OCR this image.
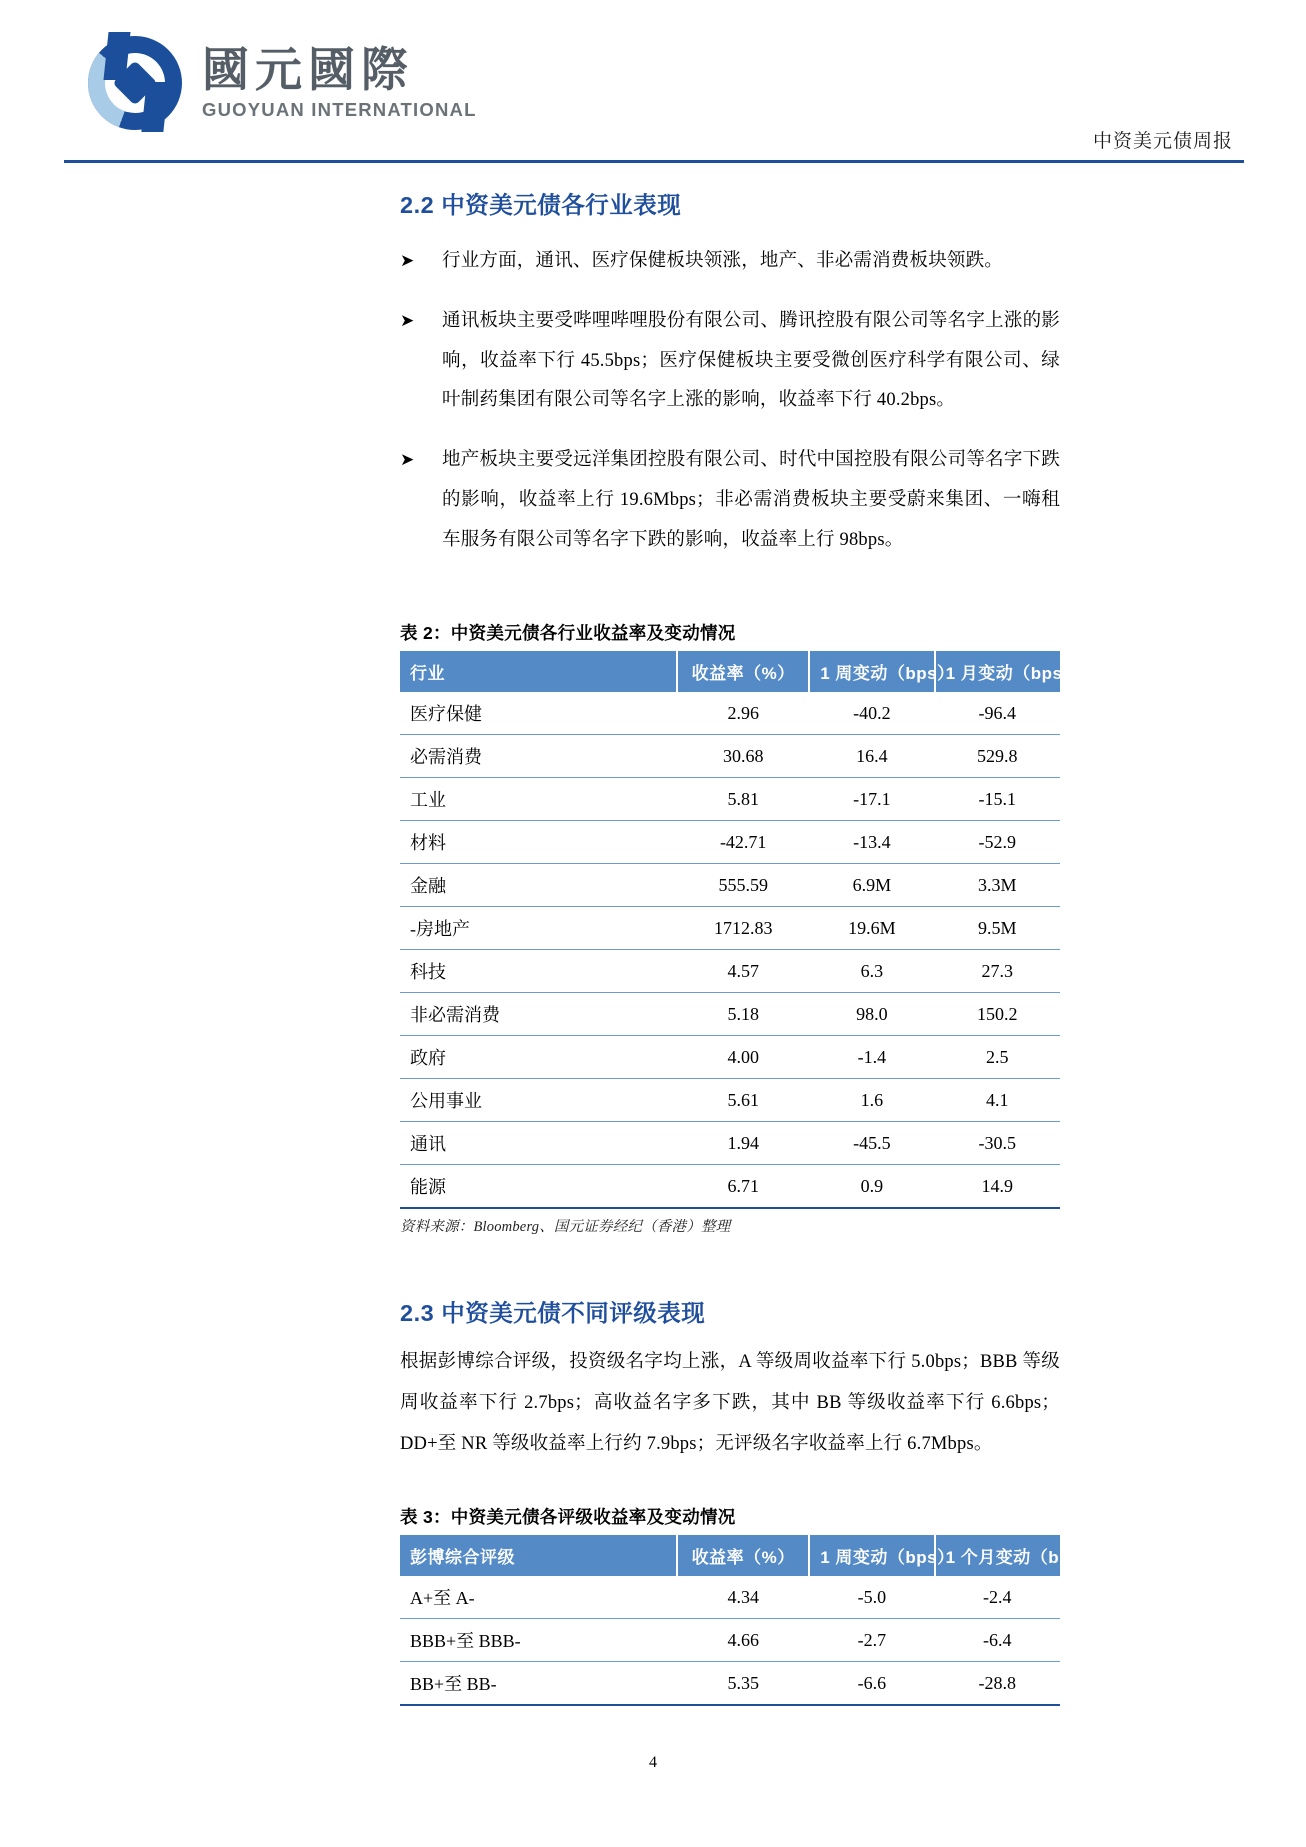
國元國際
GUOYUAN INTERNATIONAL
中资美元债周报
2.2 中资美元债各行业表现
➤ 行业方面，通讯、医疗保健板块领涨，地产、非必需消费板块领跌。
➤ 通讯板块主要受哔哩哔哩股份有限公司、腾讯控股有限公司等名字上涨的影响，收益率下行 45.5bps；医疗保健板块主要受微创医疗科学有限公司、绿叶制药集团有限公司等名字上涨的影响，收益率下行 40.2bps。
➤ 地产板块主要受远洋集团控股有限公司、时代中国控股有限公司等名字下跌的影响，收益率上行 19.6Mbps；非必需消费板块主要受蔚来集团、一嗨租车服务有限公司等名字下跌的影响，收益率上行 98bps。
表 2：中资美元债各行业收益率及变动情况
行业	收益率（%）	1 周变动（bps）	1 月变动（bps）
医疗保健	2.96	-40.2	-96.4
必需消费	30.68	16.4	529.8
工业	5.81	-17.1	-15.1
材料	-42.71	-13.4	-52.9
金融	555.59	6.9M	3.3M
-房地产	1712.83	19.6M	9.5M
科技	4.57	6.3	27.3
非必需消费	5.18	98.0	150.2
政府	4.00	-1.4	2.5
公用事业	5.61	1.6	4.1
通讯	1.94	-45.5	-30.5
能源	6.71	0.9	14.9
资料来源：Bloomberg、国元证券经纪（香港）整理
2.3 中资美元债不同评级表现

根据彭博综合评级，投资级名字均上涨，A 等级周收益率下行 5.0bps；BBB 等级周收益率下行 2.7bps；高收益名字多下跌，其中 BB 等级收益率下行 6.6bps；DD+至 NR 等级收益率上行约 7.9bps；无评级名字收益率上行 6.7Mbps。

表 3：中资美元债各评级收益率及变动情况
彭博综合评级	收益率（%）	1 周变动（bps）	1 个月变动（bps）
A+至 A-	4.34	-5.0	-2.4
BBB+至 BBB-	4.66	-2.7	-6.4
BB+至 BB-	5.35	-6.6	-28.8
4
